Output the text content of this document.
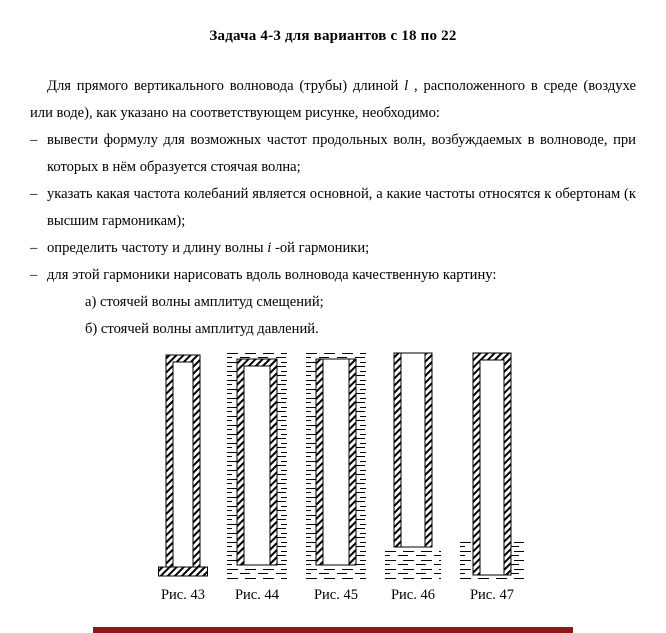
Задача 4-3 для вариантов с 18 по 22

Для прямого вертикального волновода (трубы) длиной l , расположенного в среде (воздухе или воде), как указано на соответствующем рисунке, необходимо:

– вывести формулу для возможных частот продольных волн, возбуждаемых в волноводе, при которых в нём образуется стоячая волна;
– указать какая частота колебаний является основной, а какие частоты относятся к обертонам (к высшим гармоникам);
– определить частоту и длину волны i -ой гармоники;
– для этой гармоники нарисовать вдоль волновода качественную картину:
а) стоячей волны амплитуд смещений;
б) стоячей волны амплитуд давлений.
Рис. 43 Рис. 44 Рис. 45 Рис. 46 Рис. 47
